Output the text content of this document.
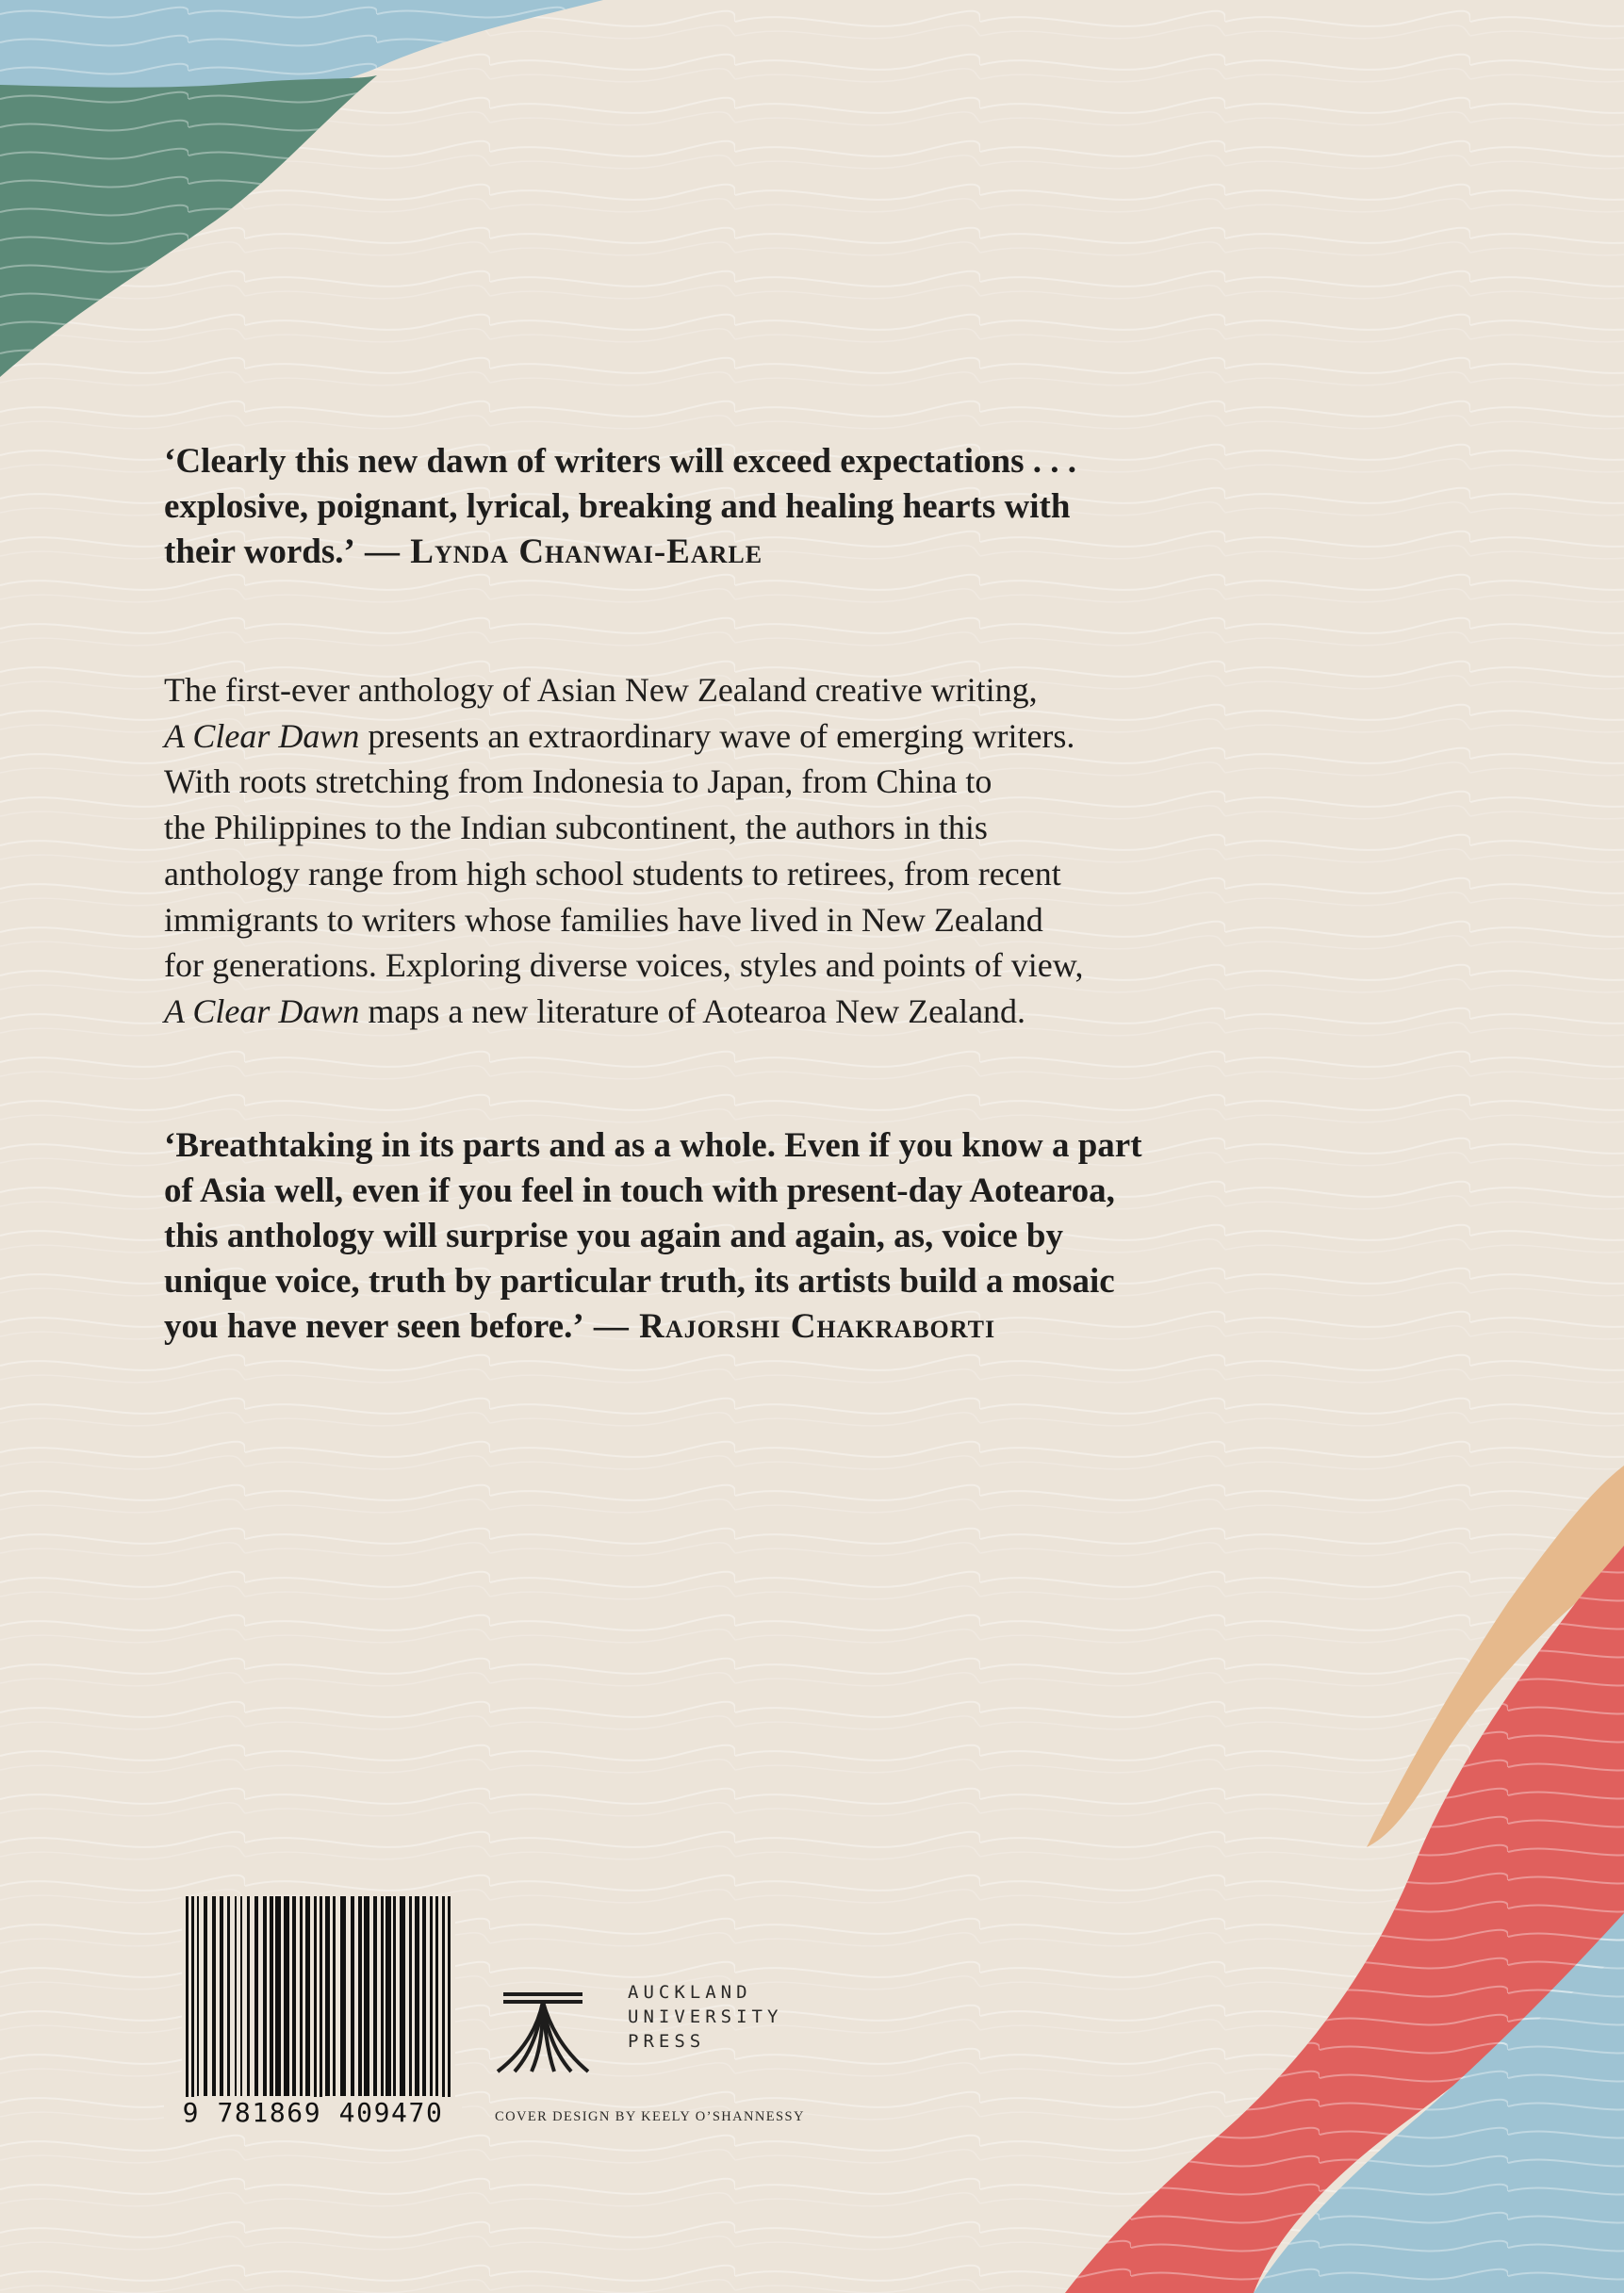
‘Clearly this new dawn of writers will exceed expectations . . .
explosive, poignant, lyrical, breaking and healing hearts with
their words.’ — Lynda Chanwai-Earle
The first-ever anthology of Asian New Zealand creative writing,
A Clear Dawn presents an extraordinary wave of emerging writers.
With roots stretching from Indonesia to Japan, from China to
the Philippines to the Indian subcontinent, the authors in this
anthology range from high school students to retirees, from recent
immigrants to writers whose families have lived in New Zealand
for generations. Exploring diverse voices, styles and points of view,
A Clear Dawn maps a new literature of Aotearoa New Zealand.
‘Breathtaking in its parts and as a whole. Even if you know a part
of Asia well, even if you feel in touch with present-day Aotearoa,
this anthology will surprise you again and again, as, voice by
unique voice, truth by particular truth, its artists build a mosaic
you have never seen before.’ — Rajorshi Chakraborti
9 781869 409470
AUCKLAND
UNIVERSITY
PRESS
COVER DESIGN BY KEELY O’SHANNESSY
